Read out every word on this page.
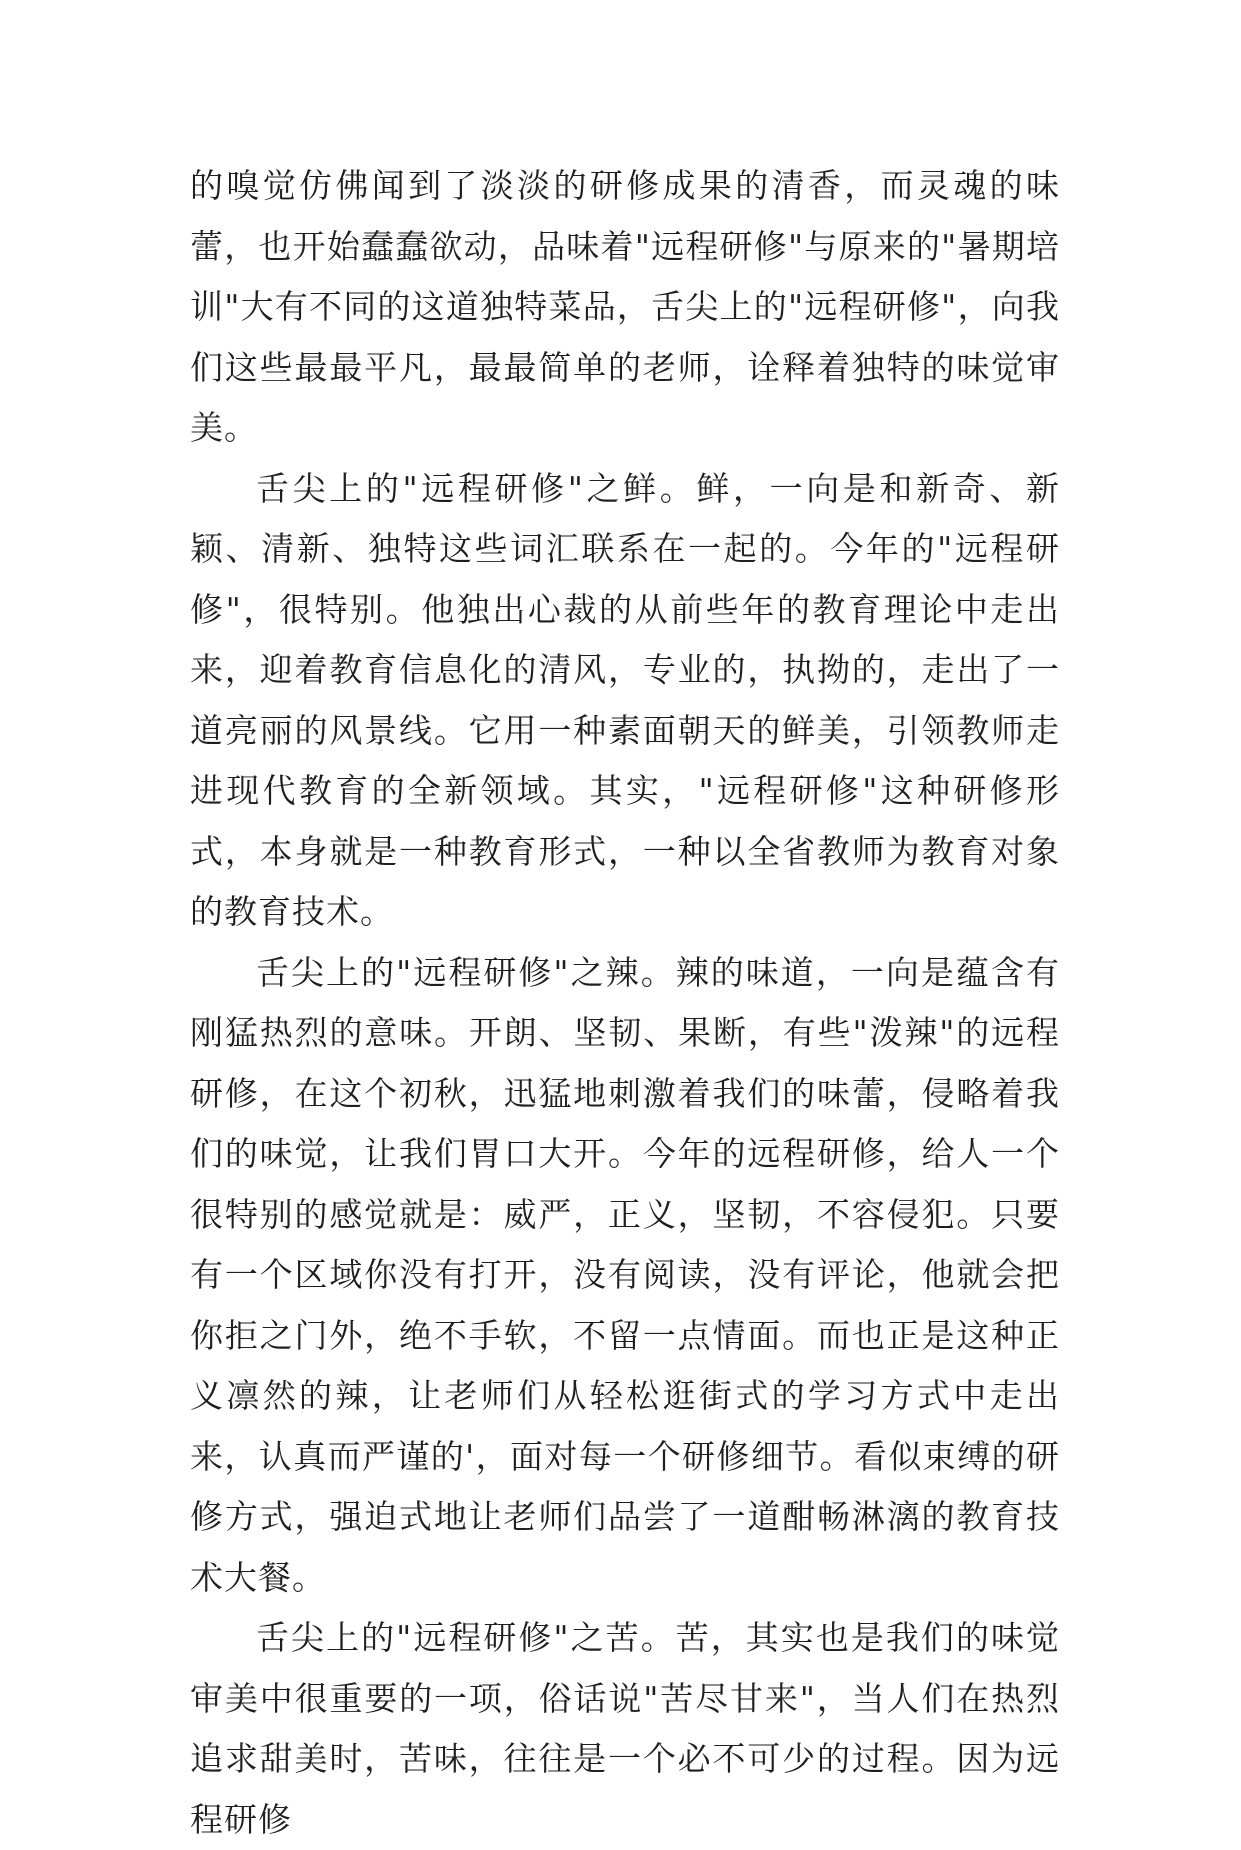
的嗅觉仿佛闻到了淡淡的研修成果的清香，而灵魂的味蕾，也开始蠢蠢欲动，品味着"远程研修"与原来的"暑期培训"大有不同的这道独特菜品，舌尖上的"远程研修"，向我们这些最最平凡，最最简单的老师，诠释着独特的味觉审美。

舌尖上的"远程研修"之鲜。鲜，一向是和新奇、新颖、清新、独特这些词汇联系在一起的。今年的"远程研修"，很特别。他独出心裁的从前些年的教育理论中走出来，迎着教育信息化的清风，专业的，执拗的，走出了一道亮丽的风景线。它用一种素面朝天的鲜美，引领教师走进现代教育的全新领域。其实，"远程研修"这种研修形式，本身就是一种教育形式，一种以全省教师为教育对象的教育技术。

舌尖上的"远程研修"之辣。辣的味道，一向是蕴含有刚猛热烈的意味。开朗、坚韧、果断，有些"泼辣"的远程研修，在这个初秋，迅猛地刺激着我们的味蕾，侵略着我们的味觉，让我们胃口大开。今年的远程研修，给人一个很特别的感觉就是：威严，正义，坚韧，不容侵犯。只要有一个区域你没有打开，没有阅读，没有评论，他就会把你拒之门外，绝不手软，不留一点情面。而也正是这种正义凛然的辣，让老师们从轻松逛街式的学习方式中走出来，认真而严谨的'，面对每一个研修细节。看似束缚的研修方式，强迫式地让老师们品尝了一道酣畅淋漓的教育技术大餐。

舌尖上的"远程研修"之苦。苦，其实也是我们的味觉审美中很重要的一项，俗话说"苦尽甘来"，当人们在热烈追求甜美时，苦味，往往是一个必不可少的过程。因为远程研修
